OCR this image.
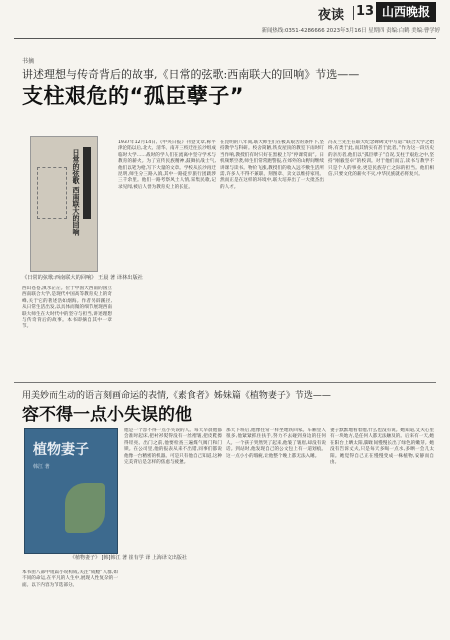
夜读 13 山西晚报
新闻热线:0351-4286666 2023年3月16日 星期四 责编:白鹤 美编:曹学婷
书摘
讲述理想与传奇背后的故事,《日常的弦歌:西南联大的回响》节选——
支柱艰危的“孤臣孽子”
日常的弦歌 西南联大的回响
《日常的弦歌:西南联大的回响》 王晨 著 译林出版社
西山苍苍,滇水茫茫。位于中国大西南的国立西南联合大学,是现代中国高等教育史上的奇峰,关于它的著述浩如烟海。作者另辟蹊径,从日常生活出发,以具体而微的细节展现西南联大师生在大时代中的坚守与担当,讲述理想与传奇背后的故事。本书即摘自其中一章节。
1937年12月14日,《中央日报》刊登文章,称平津沦陷以后,北大、清华、南开三校迁往长沙组成临时大学……战时的学人们在流离中坚守学术与教育的薪火。为了宣传民族精神,鼓舞抗战士气,他们以笔为枪,写下大量的文章。学校从长沙再迁昆明,师生分三路入滇,其中一路徒步旅行团跋涉三千余里。他们一路考察风土人情,采集民歌,记录见闻,被后人誉为教育史上的长征。
在昆明的八年间,联大师生们在极其艰苦的条件下,坚持教学与科研。校舍简陋,铁皮屋顶的教室下雨时叮当作响,教授们有时只好在黑板上写“停课赏雨”。日机频繁空袭,师生们常常跑警报,在郊外的山野间继续讲课与读书。物价飞涨,教授们的收入远不敷生活所需,许多人不得不兼职、刻图章、卖文以维持家用。然而正是在这样的环境中,联大培养出了一大批杰出的人才。
冯友兰先生在联大纪念碑碑文中写道:“联合大学之始终,有类于此,而其情实有甚于此者。”作为这一段历史的亲历者,他们以“孤臣孽子”自况,支柱于艰危之中,坚持“刚毅坚卓”的校训。对于他们而言,读书与教学不只是个人的事业,更是民族存亡之际的担当。他们相信,只要文化的薪火不灭,中华民族就必将复兴。
用美妙而生动的语言刻画命运的表情,《素食者》姊妹篇《植物妻子》节选——
容不得一点小失误的他
植物妻子
韩江 著
《植物妻子》 [韩]韩江 著 崔有学 译 上海译文出版社
本书由八部中短篇小说构成,关注“成瘾”人群,如不同的命运,在平凡的人生中,展现人性复杂的一面。以下内容为节选部分。
他是一个容不得一点小失误的人。每天早晨他都会准时起床,把衬衫熨得没有一丝褶皱,把皮鞋擦得锃亮。出门之前,他要检查三遍煤气阀门和门锁。在公司里,他的报表从来不出错,同事们都说他像一台精密的机器。可是只有他自己知道,这种完美背后是怎样的焦虑与疲惫。
那天下班后,他像往常一样坐地铁回家。车厢里人很多,他紧紧抓住扶手,努力不去碰到身边的任何人。一个孩子突然哭了起来,他皱了皱眉,却没有说话。到站时,他发现自己的公文包上有一道划痕。这一点小小的瑕疵,让他整个晚上都无法入睡。
妻子默默地看着他,什么也没有说。她知道,丈夫心里有一块地方,是任何人都无法触及的。后来有一天,她在阳台上晒太阳,脚趾间慢慢长出了绿色的嫩芽。她没有告诉丈夫,只是每天多喝一点水,多晒一会儿太阳。她觉得自己正在慢慢变成一株植物,安静而自由。
